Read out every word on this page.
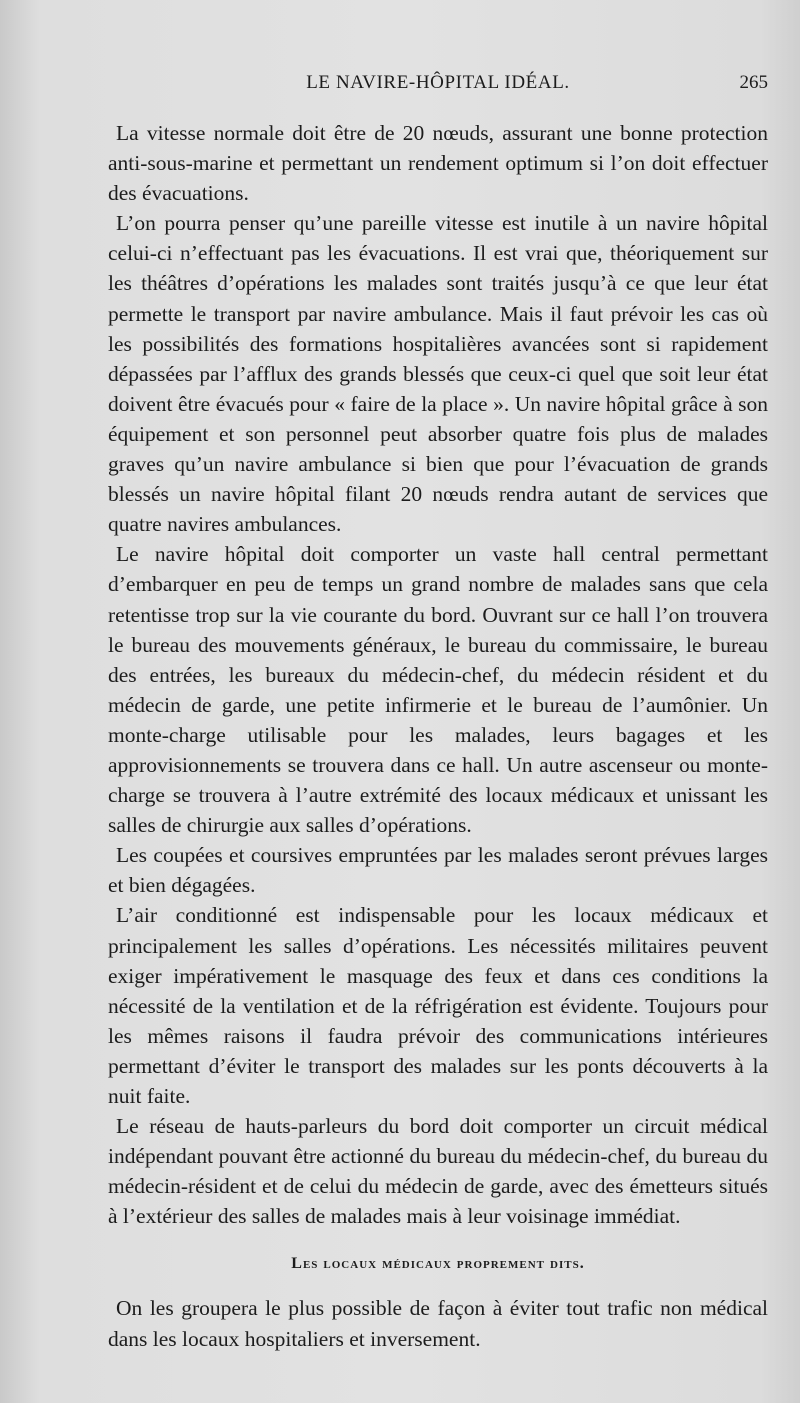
LE NAVIRE-HÔPITAL IDÉAL.	265

La vitesse normale doit être de 20 nœuds, assurant une bonne protection anti-sous-marine et permettant un rendement optimum si l’on doit effectuer des évacuations.

L’on pourra penser qu’une pareille vitesse est inutile à un navire hôpital celui-ci n’effectuant pas les évacuations. Il est vrai que, théoriquement sur les théâtres d’opérations les malades sont traités jusqu’à ce que leur état permette le transport par navire ambulance. Mais il faut prévoir les cas où les possibilités des formations hospitalières avancées sont si rapidement dépassées par l’afflux des grands blessés que ceux-ci quel que soit leur état doivent être évacués pour « faire de la place ». Un navire hôpital grâce à son équipement et son personnel peut absorber quatre fois plus de malades graves qu’un navire ambulance si bien que pour l’évacuation de grands blessés un navire hôpital filant 20 nœuds rendra autant de services que quatre navires ambulances.

Le navire hôpital doit comporter un vaste hall central permettant d’embarquer en peu de temps un grand nombre de malades sans que cela retentisse trop sur la vie courante du bord. Ouvrant sur ce hall l’on trouvera le bureau des mouvements généraux, le bureau du commissaire, le bureau des entrées, les bureaux du médecin-chef, du médecin résident et du médecin de garde, une petite infirmerie et le bureau de l’aumônier. Un monte-charge utilisable pour les malades, leurs bagages et les approvisionnements se trouvera dans ce hall. Un autre ascenseur ou monte-charge se trouvera à l’autre extrémité des locaux médicaux et unissant les salles de chirurgie aux salles d’opérations.

Les coupées et coursives empruntées par les malades seront prévues larges et bien dégagées.

L’air conditionné est indispensable pour les locaux médicaux et principalement les salles d’opérations. Les nécessités militaires peuvent exiger impérativement le masquage des feux et dans ces conditions la nécessité de la ventilation et de la réfrigération est évidente. Toujours pour les mêmes raisons il faudra prévoir des communications intérieures permettant d’éviter le transport des malades sur les ponts découverts à la nuit faite.

Le réseau de hauts-parleurs du bord doit comporter un circuit médical indépendant pouvant être actionné du bureau du médecin-chef, du bureau du médecin-résident et de celui du médecin de garde, avec des émetteurs situés à l’extérieur des salles de malades mais à leur voisinage immédiat.

Les locaux médicaux proprement dits.

On les groupera le plus possible de façon à éviter tout trafic non médical dans les locaux hospitaliers et inversement.
